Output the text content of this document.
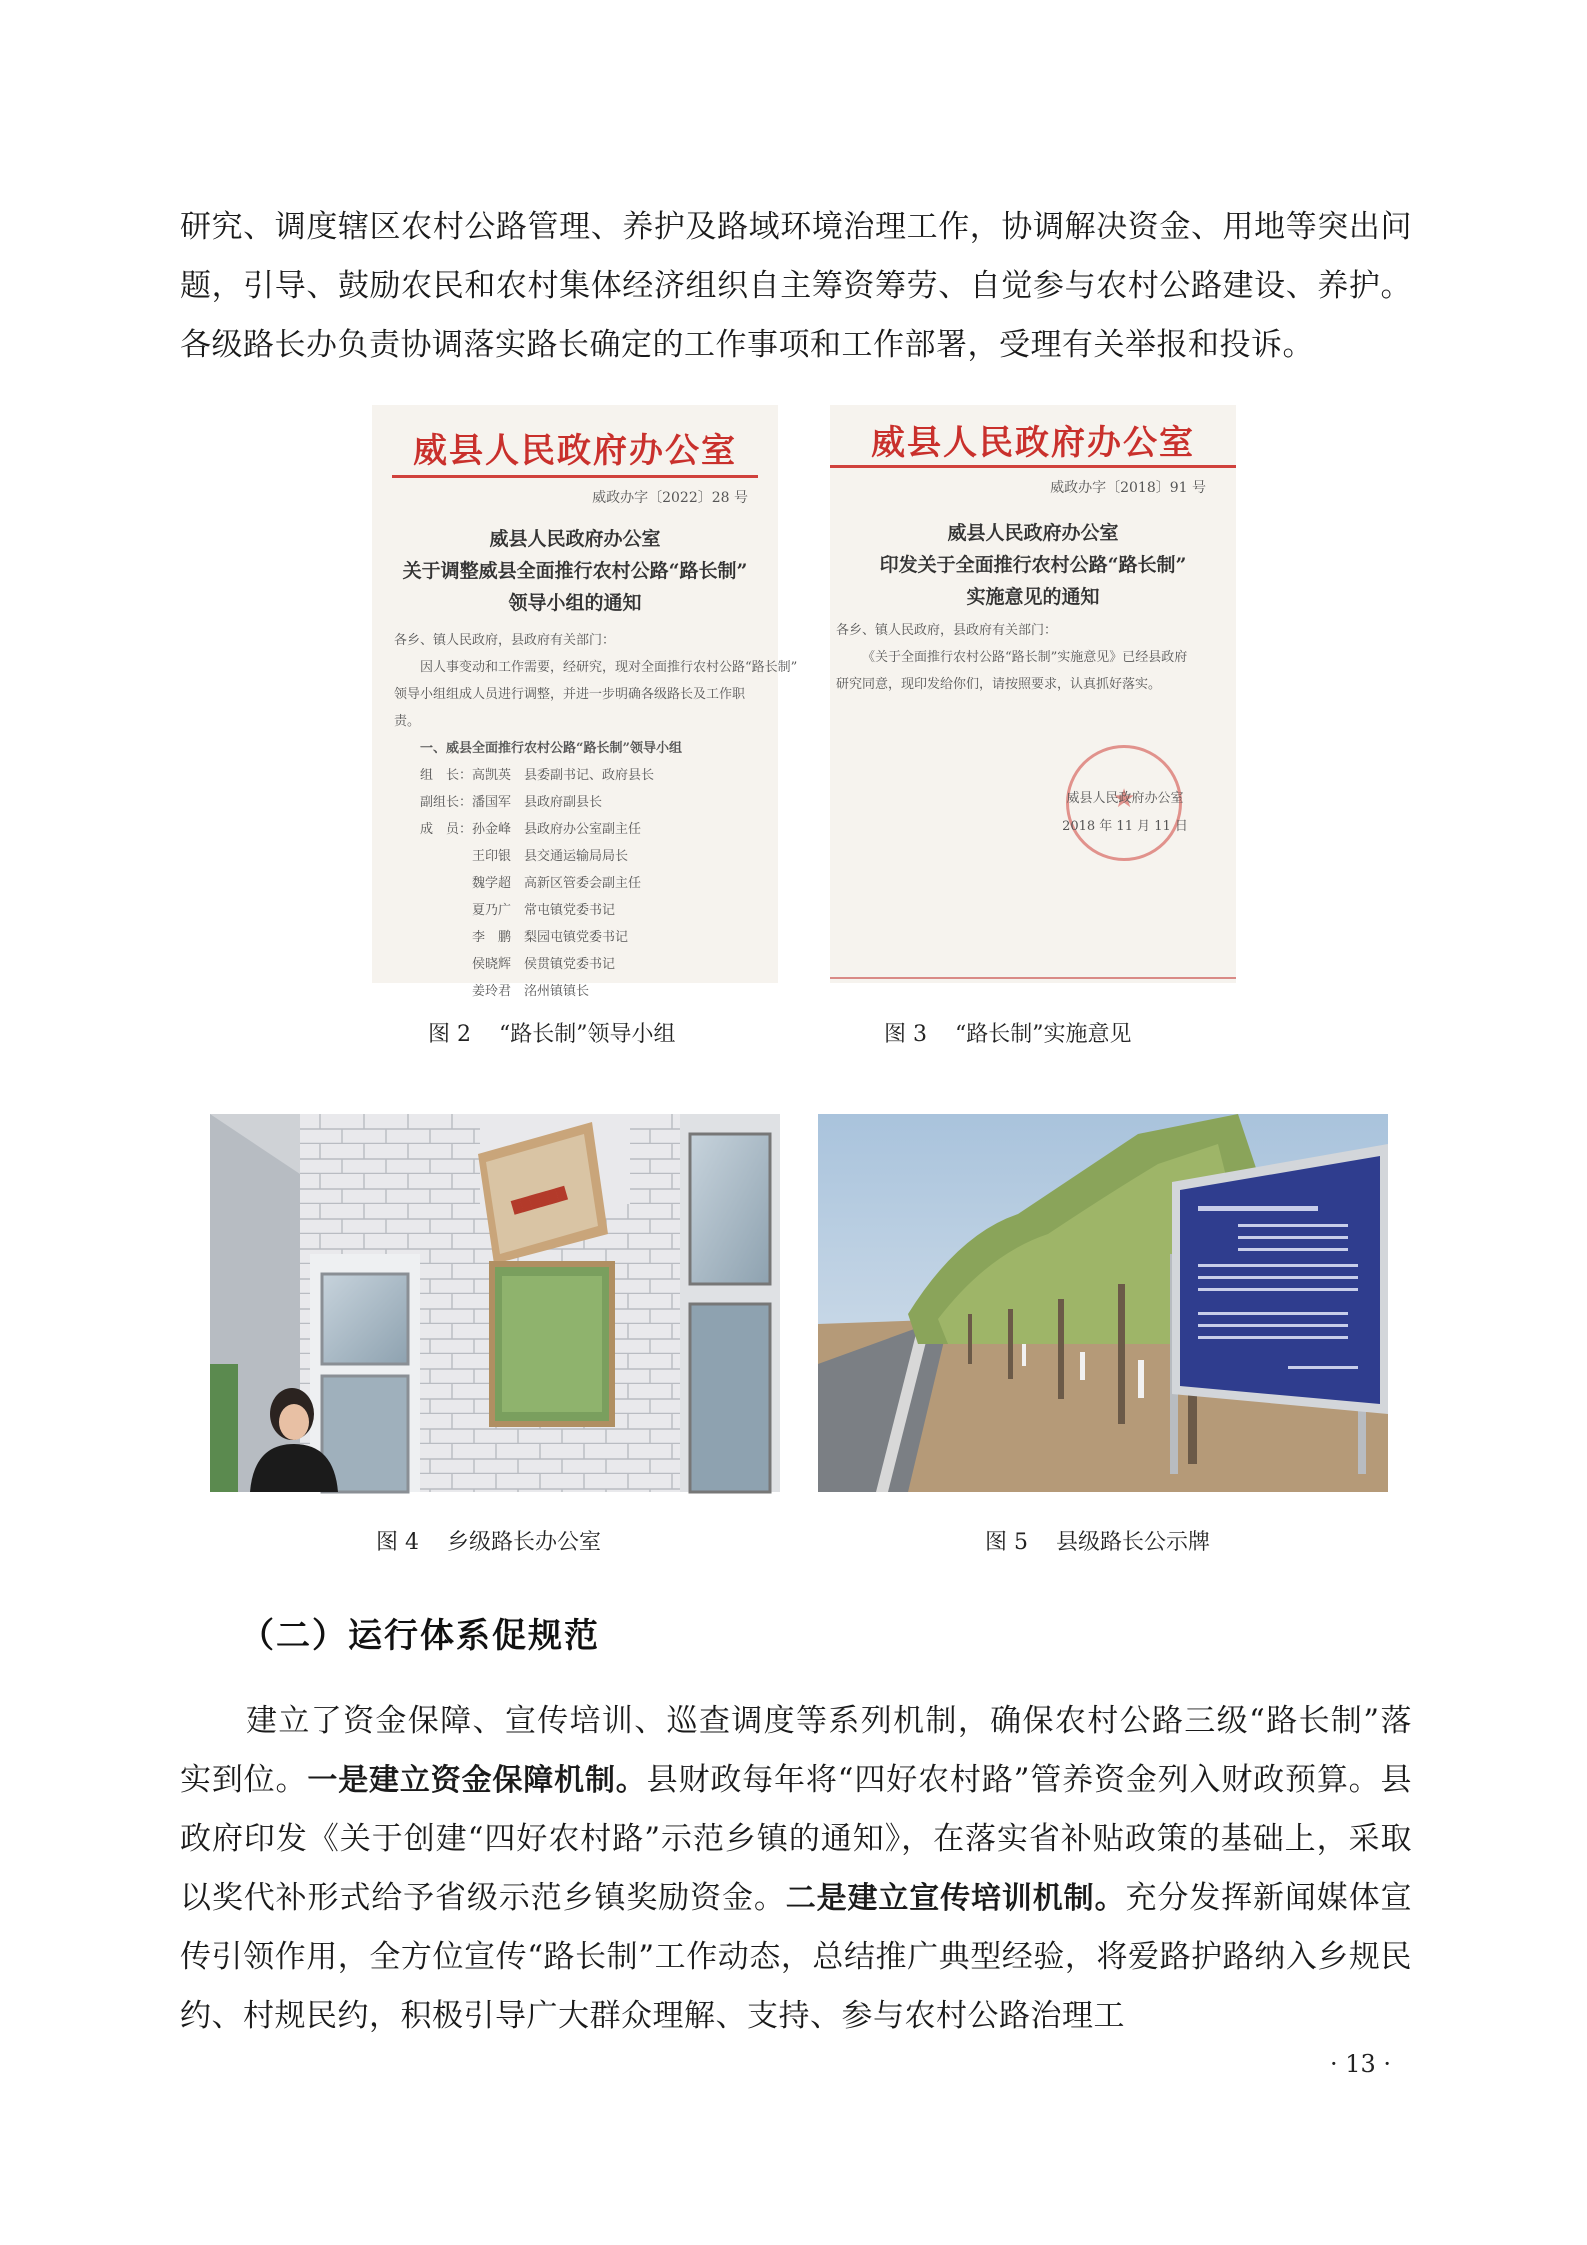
研究、调度辖区农村公路管理、养护及路域环境治理工作，协调解决资金、用地等突出问题，引导、鼓励农民和农村集体经济组织自主筹资筹劳、自觉参与农村公路建设、养护。各级路长办负责协调落实路长确定的工作事项和工作部署，受理有关举报和投诉。

威县人民政府办公室
威政办字〔2022〕28 号
威县人民政府办公室
关于调整威县全面推行农村公路“路长制”
领导小组的通知
各乡、镇人民政府，县政府有关部门：
因人事变动和工作需要，经研究，现对全面推行农村公路“路长制”
领导小组组成人员进行调整，并进一步明确各级路长及工作职
责。
一、威县全面推行农村公路“路长制”领导小组
组　长：高凯英　县委副书记、政府县长
副组长：潘国军　县政府副县长
成　员：孙金峰　县政府办公室副主任
王印银　县交通运输局局长
魏学超　高新区管委会副主任
夏乃广　常屯镇党委书记
李　鹏　梨园屯镇党委书记
侯晓辉　侯贯镇党委书记
姜玲君　洺州镇镇长
图 2    “路长制”领导小组
威县人民政府办公室
威政办字〔2018〕91 号
威县人民政府办公室
印发关于全面推行农村公路“路长制”
实施意见的通知
各乡、镇人民政府，县政府有关部门：
《关于全面推行农村公路“路长制”实施意见》已经县政府
研究同意，现印发给你们，请按照要求，认真抓好落实。
★
威县人民政府办公室
2018 年 11 月 11 日
图 3    “路长制”实施意见
██████
图 4    乡级路长办公室	图 5    县级路长公示牌
（二）运行体系促规范

建立了资金保障、宣传培训、巡查调度等系列机制，确保农村公路三级“路长制”落实到位。一是建立资金保障机制。县财政每年将“四好农村路”管养资金列入财政预算。县政府印发《关于创建“四好农村路”示范乡镇的通知》，在落实省补贴政策的基础上，采取以奖代补形式给予省级示范乡镇奖励资金。二是建立宣传培训机制。充分发挥新闻媒体宣传引领作用，全方位宣传“路长制”工作动态，总结推广典型经验，将爱路护路纳入乡规民约、村规民约，积极引导广大群众理解、支持、参与农村公路治理工

· 13 ·
